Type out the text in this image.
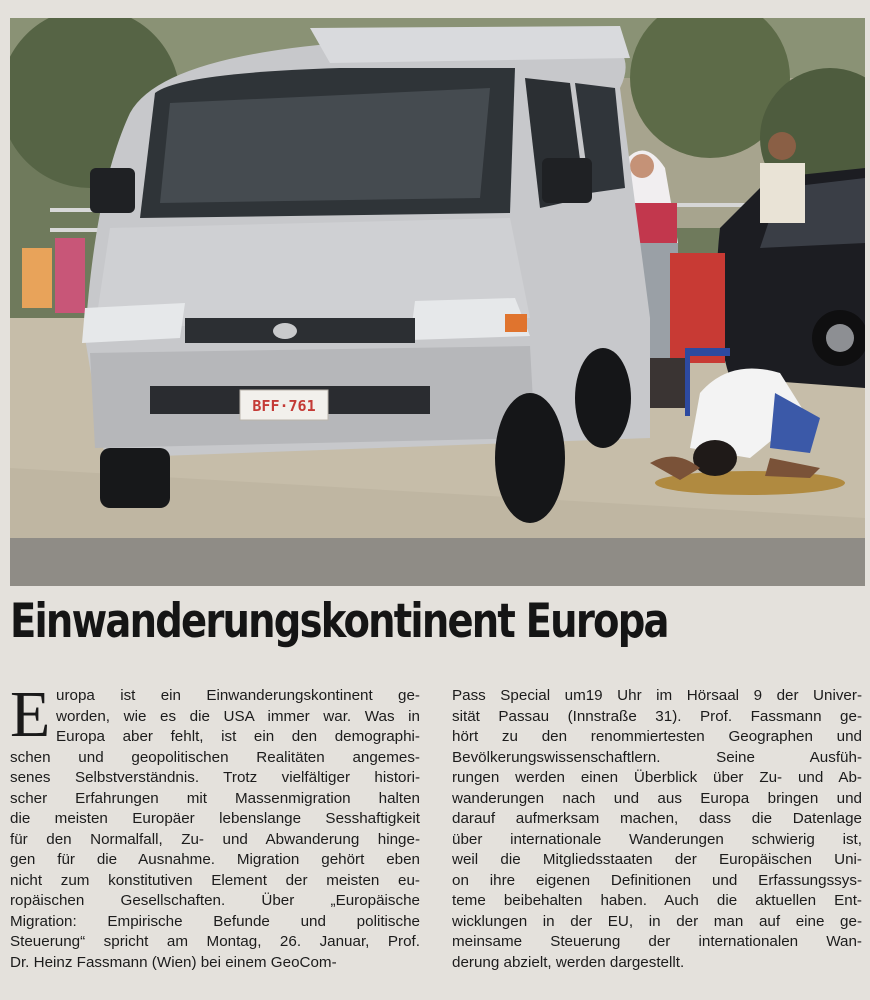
BFF·761
Einwanderungskontinent Europa
E uropa ist ein Einwanderungskontinent ge-
worden, wie es die USA immer war. Was in
Europa aber fehlt, ist ein den demographi-
schen und geopolitischen Realitäten angemes-
senes Selbstverständnis. Trotz vielfältiger histori-
scher Erfahrungen mit Massenmigration halten
die meisten Europäer lebenslange Sesshaftigkeit
für den Normalfall, Zu- und Abwanderung hinge-
gen für die Ausnahme. Migration gehört eben
nicht zum konstitutiven Element der meisten eu-
ropäischen Gesellschaften. Über „Europäische
Migration: Empirische Befunde und politische
Steuerung“ spricht am Montag, 26. Januar, Prof.
Dr. Heinz Fassmann (Wien) bei einem GeoCom-
Pass Special um19 Uhr im Hörsaal 9 der Univer-
sität Passau (Innstraße 31). Prof. Fassmann ge-
hört zu den renommiertesten Geographen und
Bevölkerungswissenschaftlern. Seine Ausfüh-
rungen werden einen Überblick über Zu- und Ab-
wanderungen nach und aus Europa bringen und
darauf aufmerksam machen, dass die Datenlage
über internationale Wanderungen schwierig ist,
weil die Mitgliedsstaaten der Europäischen Uni-
on ihre eigenen Definitionen und Erfassungssys-
teme beibehalten haben. Auch die aktuellen Ent-
wicklungen in der EU, in der man auf eine ge-
meinsame Steuerung der internationalen Wan-
derung abzielt, werden dargestellt.
